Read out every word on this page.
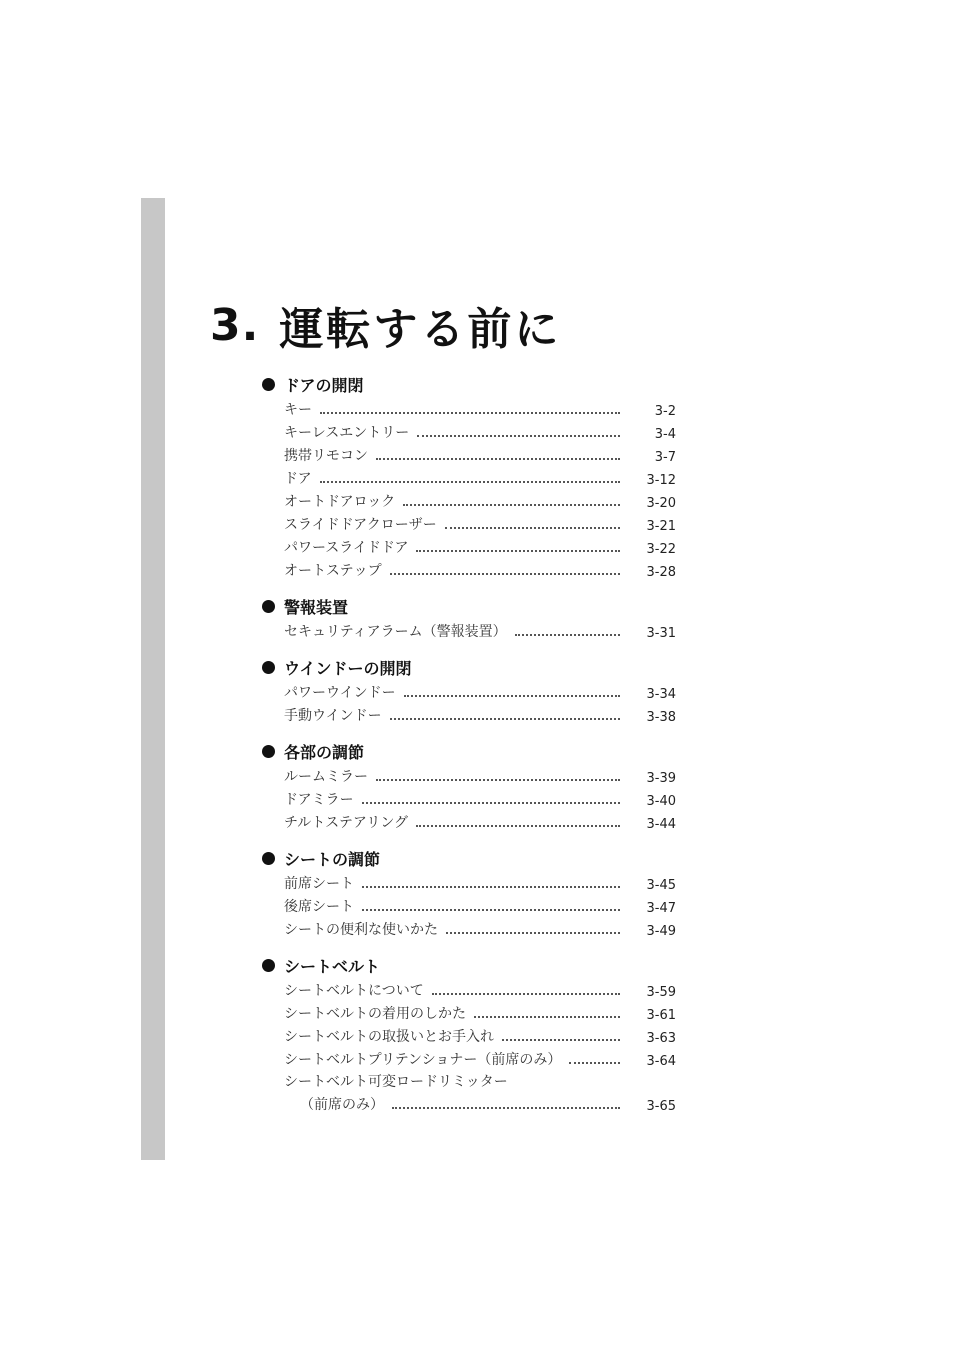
3. 運転する前に
ドアの開閉
キー	3-2
キーレスエントリー	3-4
携帯リモコン	3-7
ドア	3-12
オートドアロック	3-20
スライドドアクローザー	3-21
パワースライドドア	3-22
オートステップ	3-28
警報装置
セキュリティアラーム（警報装置）	3-31
ウインドーの開閉
パワーウインドー	3-34
手動ウインドー	3-38
各部の調節
ルームミラー	3-39
ドアミラー	3-40
チルトステアリング	3-44
シートの調節
前席シート	3-45
後席シート	3-47
シートの便利な使いかた	3-49
シートベルト
シートベルトについて	3-59
シートベルトの着用のしかた	3-61
シートベルトの取扱いとお手入れ	3-63
シートベルトプリテンショナー（前席のみ）	3-64
シートベルト可変ロードリミッター
（前席のみ）	3-65
